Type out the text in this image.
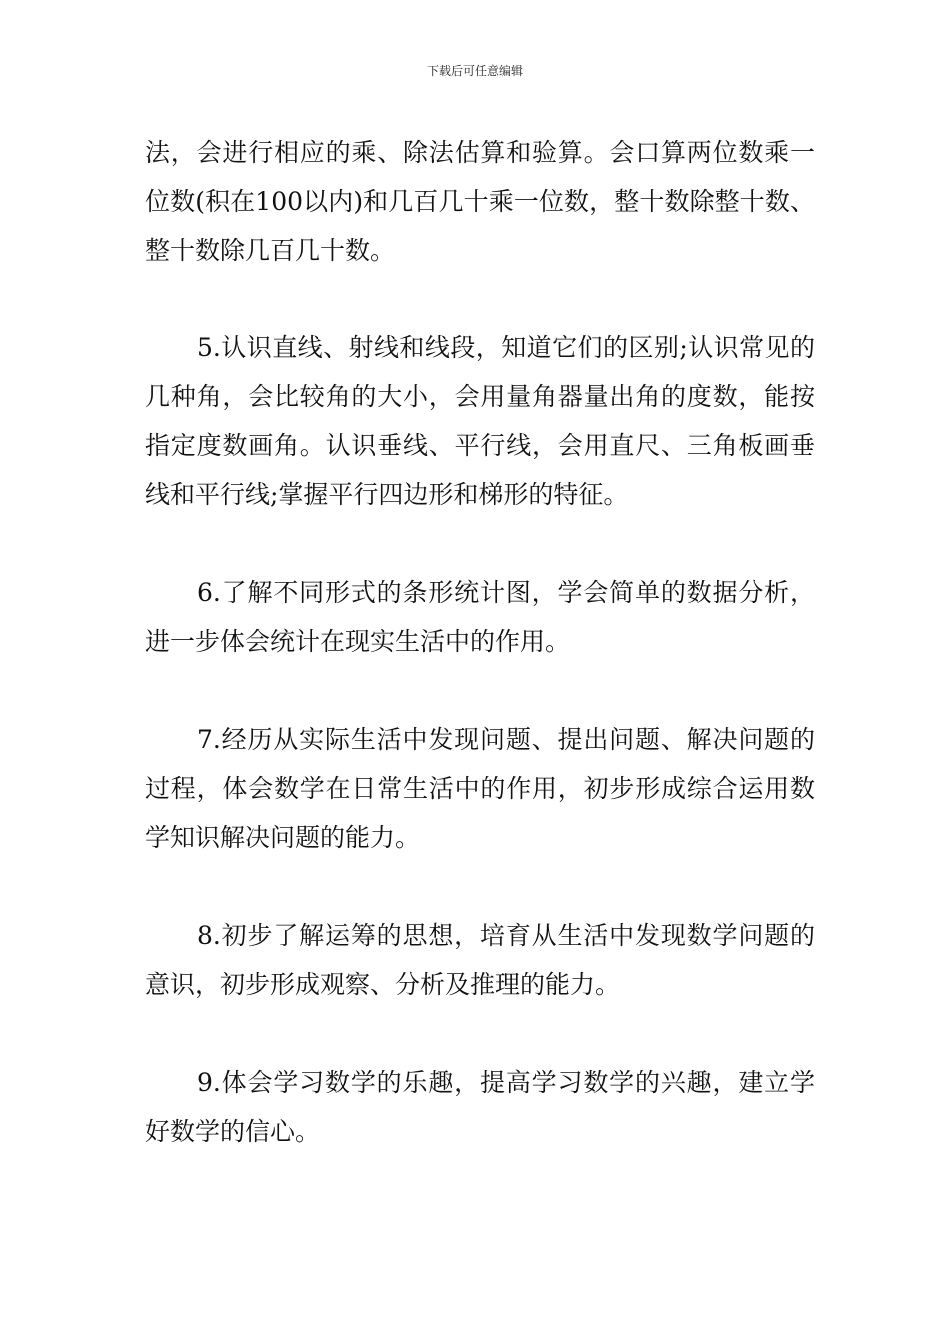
下载后可任意编辑

法，会进行相应的乘、除法估算和验算。会口算两位数乘一位数(积在100以内)和几百几十乘一位数，整十数除整十数、整十数除几百几十数。

5.认识直线、射线和线段，知道它们的区别;认识常见的几种角，会比较角的大小，会用量角器量出角的度数，能按指定度数画角。认识垂线、平行线，会用直尺、三角板画垂线和平行线;掌握平行四边形和梯形的特征。

6.了解不同形式的条形统计图，学会简单的数据分析，进一步体会统计在现实生活中的作用。

7.经历从实际生活中发现问题、提出问题、解决问题的过程，体会数学在日常生活中的作用，初步形成综合运用数学知识解决问题的能力。

8.初步了解运筹的思想，培育从生活中发现数学问题的意识，初步形成观察、分析及推理的能力。

9.体会学习数学的乐趣，提高学习数学的兴趣，建立学好数学的信心。
